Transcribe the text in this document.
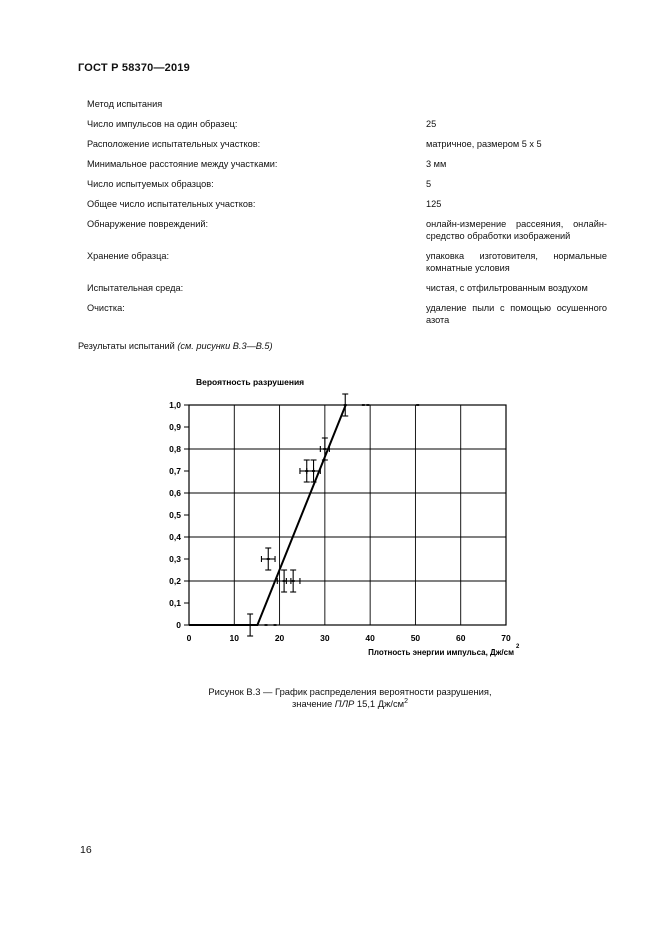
ГОСТ Р 58370—2019
Метод испытания
Число импульсов на один образец:	25
Расположение испытательных участков:	матричное, размером 5 х 5
Минимальное расстояние между участками:	3 мм
Число испытуемых образцов:	5
Общее число испытательных участков:	125
Обнаружение повреждений:	онлайн-измерение рассеяния, онлайн-средство обработки изображений
Хранение образца:	упаковка изготовителя, нормальные комнатные условия
Испытательная среда:	чистая, с отфильтрованным воздухом
Очистка:	удаление пыли с помощью осушенного азота
Результаты испытаний (см. рисунки В.3—В.5)
0
0,1
0,2
0,3
0,4
0,5
0,6
0,7
0,8
0,9
1,0
0	10	20	30	40	50	60	70
Вероятность разрушения
Плотность энергии импульса, Дж/см
2
Рисунок В.3 — График распределения вероятности разрушения,
значение ПЛР 15,1 $Дж/см^2$
16
